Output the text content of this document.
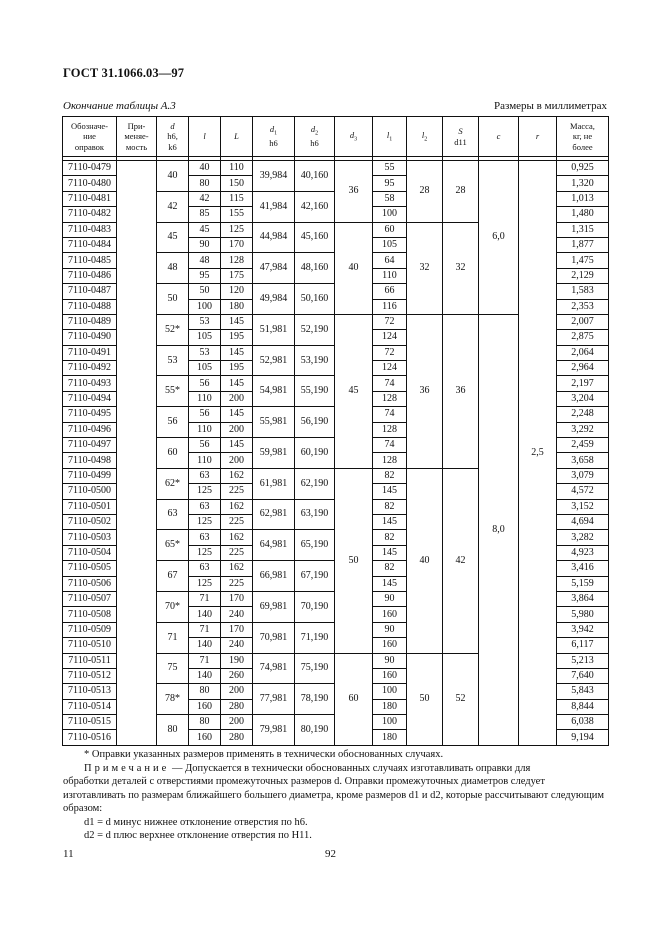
ГОСТ 31.1066.03—97
Окончание таблицы А.3	Размеры в миллиметрах
Обозначе-
ние
оправок	При-
меняе-
мость	d
h6,
k6	l	L	$d_1$
h6	$d_2$
h6	$d_3$	$l_1$	$l_2$	S
d11	c	r	Масса,
кг, не
более

7110-0479		40	40	110	39,984	40,160	36	55	28	28	6,0	2,5	0,925
7110-0480			80	150				95					1,320
7110-0481		42	42	115	41,984	42,160		58					1,013
7110-0482			85	155				100					1,480
7110-0483		45	45	125	44,984	45,160	40	60	32	32			1,315
7110-0484			90	170				105					1,877
7110-0485		48	48	128	47,984	48,160		64					1,475
7110-0486			95	175				110					2,129
7110-0487		50	50	120	49,984	50,160		66					1,583
7110-0488			100	180				116					2,353
7110-0489		52*	53	145	51,981	52,190	45	72	36	36	8,0		2,007
7110-0490			105	195				124					2,875
7110-0491		53	53	145	52,981	53,190		72					2,064
7110-0492			105	195				124					2,964
7110-0493		55*	56	145	54,981	55,190		74					2,197
7110-0494			110	200				128					3,204
7110-0495		56	56	145	55,981	56,190		74					2,248
7110-0496			110	200				128					3,292
7110-0497		60	56	145	59,981	60,190		74					2,459
7110-0498			110	200				128					3,658
7110-0499		62*	63	162	61,981	62,190	50	82	40	42			3,079
7110-0500			125	225				145					4,572
7110-0501		63	63	162	62,981	63,190		82					3,152
7110-0502			125	225				145					4,694
7110-0503		65*	63	162	64,981	65,190		82					3,282
7110-0504			125	225				145					4,923
7110-0505		67	63	162	66,981	67,190		82					3,416
7110-0506			125	225				145					5,159
7110-0507		70*	71	170	69,981	70,190		90					3,864
7110-0508			140	240				160					5,980
7110-0509		71	71	170	70,981	71,190		90					3,942
7110-0510			140	240				160					6,117
7110-0511		75	71	190	74,981	75,190	60	90	50	52			5,213
7110-0512			140	260				160					7,640
7110-0513		78*	80	200	77,981	78,190		100					5,843
7110-0514			160	280				180					8,844
7110-0515		80	80	200	79,981	80,190		100					6,038
7110-0516			160	280				180					9,194

* Оправки указанных размеров применять в технически обоснованных случаях.

Примечание — Допускается в технически обоснованных случаях изготавливать оправки для

обработки деталей с отверстиями промежуточных размеров d. Оправки промежуточных диаметров следует изготавливать по размерам ближайшего большего диаметра, кроме размеров d1 и d2, которые рассчитывают следующим образом:

d1 = d минус нижнее отклонение отверстия по h6.

d2 = d плюс верхнее отклонение отверстия по H11.

11	92
